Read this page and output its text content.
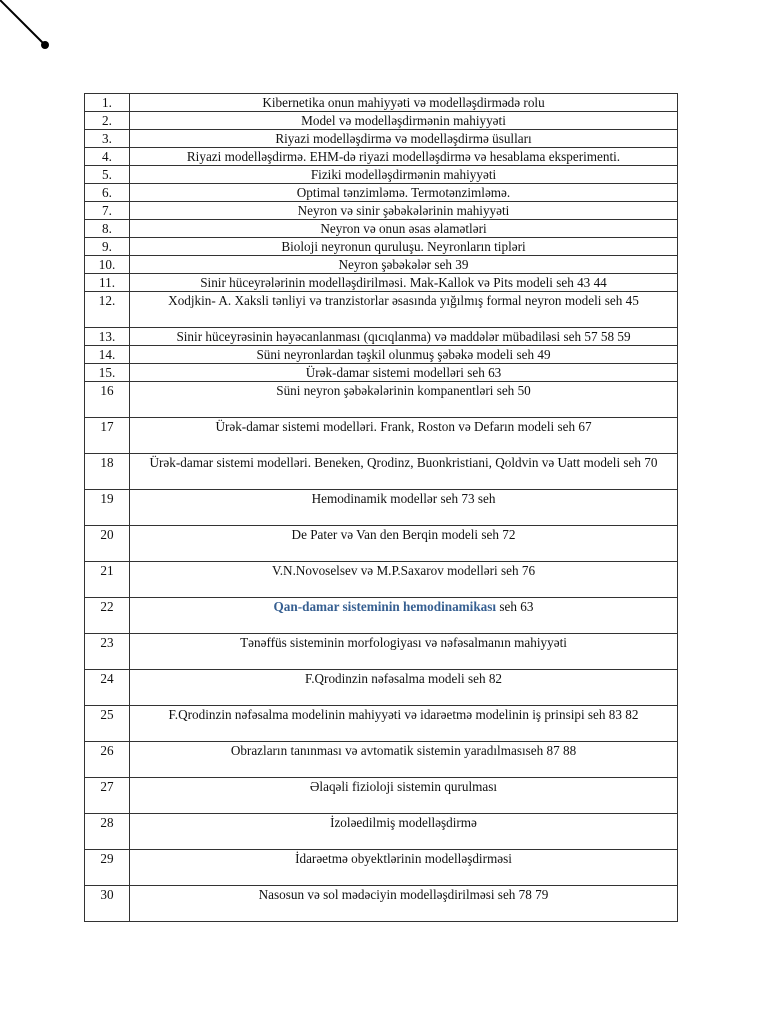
1.	Kibernetika onun mahiyyəti və modelləşdirmədə rolu
2.	Model və modelləşdirmənin mahiyyəti
3.	Riyazi modelləşdirmə və modelləşdirmə üsulları
4.	Riyazi modelləşdirmə. EHM-də riyazi modelləşdirmə və hesablama eksperimenti.
5.	Fiziki modelləşdirmənin mahiyyəti
6.	Optimal tənzimləmə. Termotənzimləmə.
7.	Neyron və sinir şəbəkələrinin mahiyyəti
8.	Neyron və onun əsas əlamətləri
9.	Bioloji neyronun quruluşu. Neyronların tipləri
10.	Neyron şəbəkələr seh 39
11.	Sinir hüceyrələrinin modelləşdirilməsi. Mak-Kallok və Pits modeli seh 43 44
12.	Xodjkin- A. Xaksli tənliyi və tranzistorlar əsasında yığılmış formal neyron modeli seh 45
13.	Sinir hüceyrəsinin həyəcanlanması (qıcıqlanma) və maddələr mübadiləsi seh 57 58 59
14.	Süni neyronlardan təşkil olunmuş şəbəkə modeli seh 49
15.	Ürək-damar sistemi modelləri seh 63
16	Süni neyron şəbəkələrinin kompanentləri seh 50
17	Ürək-damar sistemi modelləri. Frank, Roston və Defarın modeli seh 67
18	Ürək-damar sistemi modelləri. Beneken, Qrodinz, Buonkristiani, Qoldvin və Uatt modeli seh 70
19	Hemodinamik modellər seh 73 seh
20	De Pater və Van den Berqin modeli seh 72
21	V.N.Novoselsev və M.P.Saxarov modelləri seh 76
22	Qan-damar sisteminin hemodinamikası seh 63
23	Tənəffüs sisteminin morfologiyası və nəfəsalmanın mahiyyəti
24	F.Qrodinzin nəfəsalma modeli seh 82
25	F.Qrodinzin nəfəsalma modelinin mahiyyəti və idarəetmə modelinin iş prinsipi seh 83 82
26	Obrazların tanınması və avtomatik sistemin yaradılmasıseh 87 88
27	Əlaqəli fizioloji sistemin qurulması
28	İzoləedilmiş modelləşdirmə
29	İdarəetmə obyektlərinin modelləşdirməsi
30	Nasosun və sol mədəciyin modelləşdirilməsi seh 78 79
